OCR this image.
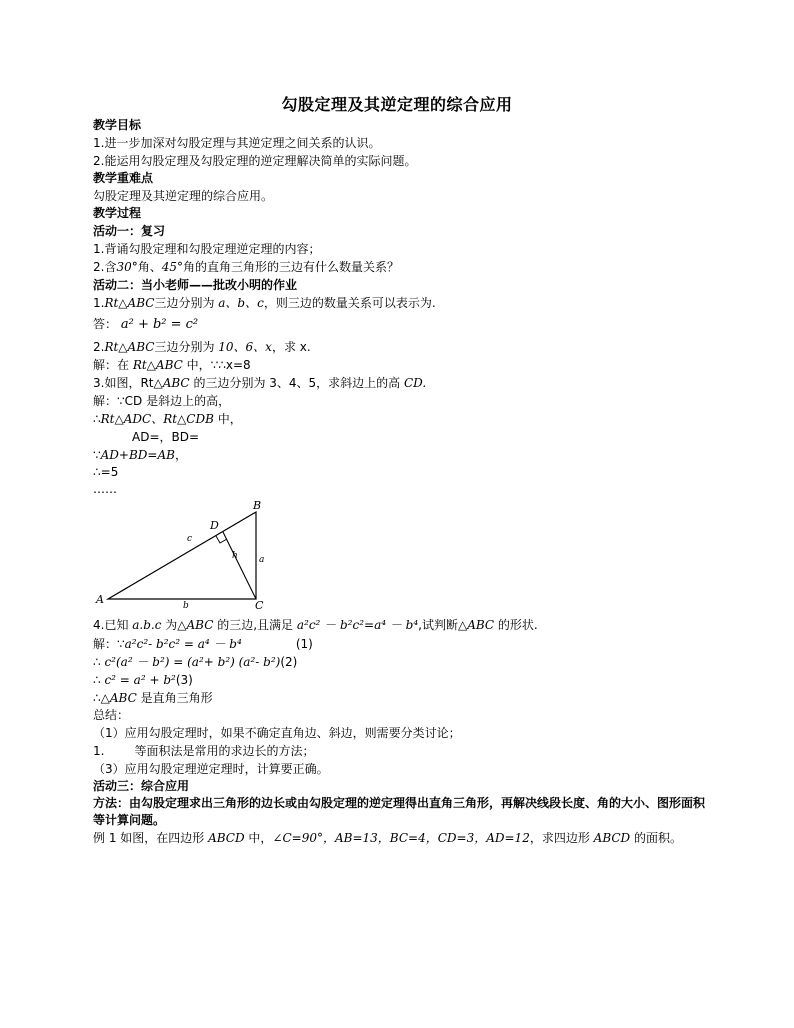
勾股定理及其逆定理的综合应用
教学目标
1.进一步加深对勾股定理与其逆定理之间关系的认识。
2.能运用勾股定理及勾股定理的逆定理解决简单的实际问题。
教学重难点
勾股定理及其逆定理的综合应用。
教学过程
活动一：复习
1.背诵勾股定理和勾股定理逆定理的内容；
2.含30°角、45°角的直角三角形的三边有什么数量关系？
活动二：当小老师——批改小明的作业
1.Rt△ABC三边分别为 a、b、c，则三边的数量关系可以表示为.
答： a² + b² = c²
2.Rt△ABC三边分别为 10、6、x，求 x.
解：在 Rt△ABC 中，∵∴x=8
3.如图，Rt△ABC 的三边分别为 3、4、5，求斜边上的高 CD.
解：∵CD 是斜边上的高，
∴Rt△ADC、Rt△CDB 中，
AD=，BD=
∵AD+BD=AB，
∴=5
……
A
B
C
D
a
b
c
h
4.已知 a.b.c 为△ABC 的三边,且满足 a²c² － b²c²=a⁴ － b⁴,试判断△ABC 的形状.
解：∵a²c²- b²c² = a⁴ － b⁴	(1)
∴ c²(a² － b²) = (a²+ b²) (a²- b²)(2)
∴ c² = a² + b²(3)
∴△ABC 是直角三角形
总结：
（1）应用勾股定理时，如果不确定直角边、斜边，则需要分类讨论；
1.	等面积法是常用的求边长的方法；
（3）应用勾股定理逆定理时，计算要正确。
活动三：综合应用
方法：由勾股定理求出三角形的边长或由勾股定理的逆定理得出直角三角形，再解决线段长度、角的大小、图形面积等计算问题。
例 1 如图，在四边形 ABCD 中，∠C=90°，AB=13，BC=4，CD=3，AD=12，求四边形 ABCD 的面积。
